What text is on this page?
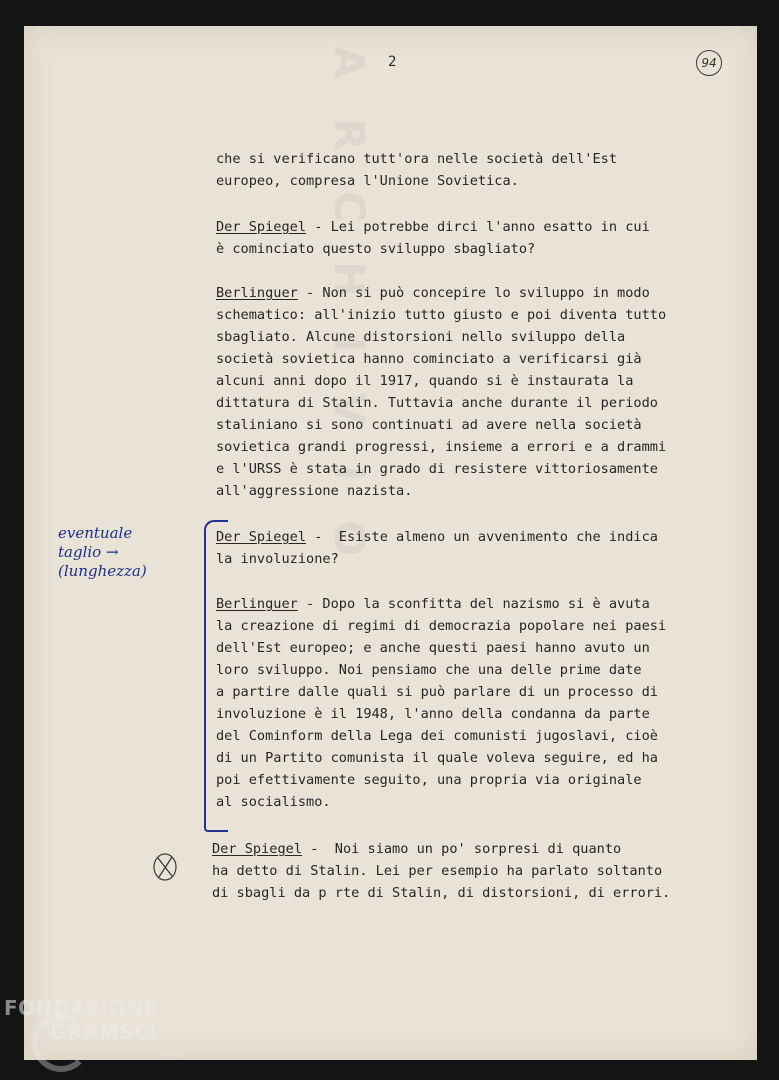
ARCHIVIO 2	94
che si verificano tutt'ora nelle società dell'Est
europeo, compresa l'Unione Sovietica.
Der Spiegel - Lei potrebbe dirci l'anno esatto in cui
è cominciato questo sviluppo sbagliato?
Berlinguer - Non si può concepire lo sviluppo in modo
schematico: all'inizio tutto giusto e poi diventa tutto
sbagliato. Alcune distorsioni nello sviluppo della
società sovietica hanno cominciato a verificarsi già
alcuni anni dopo il 1917, quando si è instaurata la
dittatura di Stalin. Tuttavia anche durante il periodo
staliniano si sono continuati ad avere nella società
sovietica grandi progressi, insieme a errori e a drammi
e l'URSS è stata in grado di resistere vittoriosamente
all'aggressione nazista.
Der Spiegel -  Esiste almeno un avvenimento che indica
la involuzione?
Berlinguer - Dopo la sconfitta del nazismo si è avuta
la creazione di regimi di democrazia popolare nei paesi
dell'Est europeo; e anche questi paesi hanno avuto un
loro sviluppo. Noi pensiamo che una delle prime date
a partire dalle quali si può parlare di un processo di
involuzione è il 1948, l'anno della condanna da parte
del Cominform della Lega dei comunisti jugoslavi, cioè
di un Partito comunista il quale voleva seguire, ed ha
poi efettivamente seguito, una propria via originale
al socialismo.
Der Spiegel -  Noi siamo un po' sorpresi di quanto
ha detto di Stalin. Lei per esempio ha parlato soltanto
di sbagli da p rte di Stalin, di distorsioni, di errori.
eventuale
taglio →
(lunghezza)
FONDAZIONE
GRAMSCI
onlus
